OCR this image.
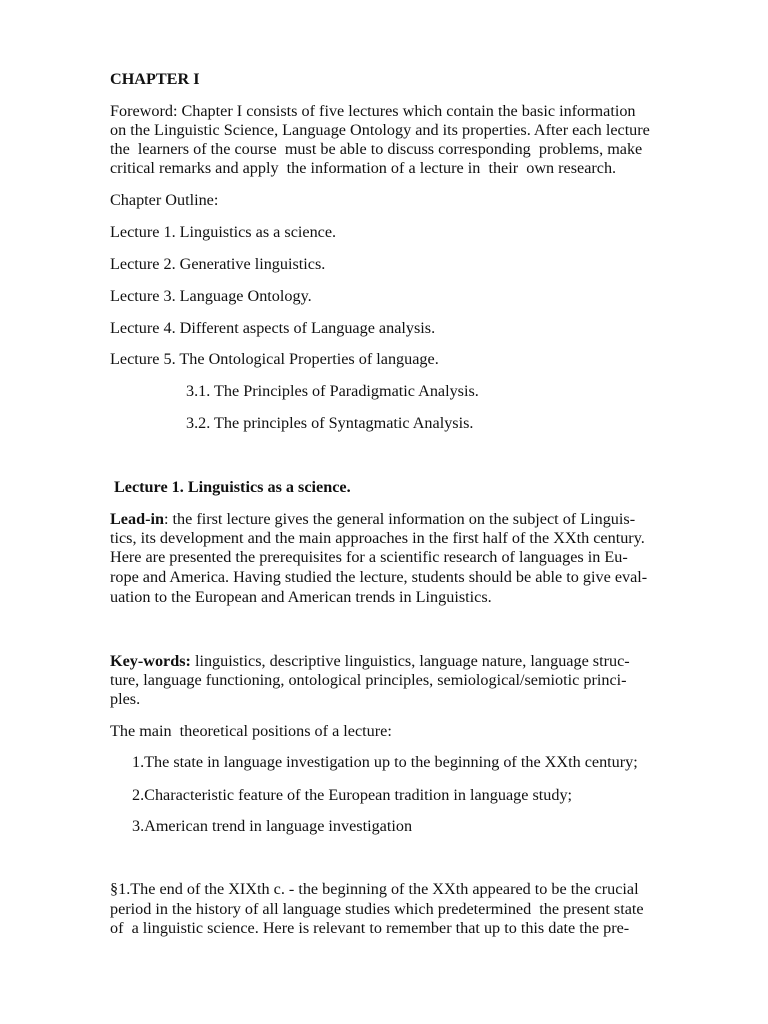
CHAPTER I
Foreword: Chapter I consists of five lectures which contain the basic information
on the Linguistic Science, Language Ontology and its properties. After each lecture
the  learners of the course  must be able to discuss corresponding  problems, make
critical remarks and apply  the information of a lecture in  their  own research.
Chapter Outline:
Lecture 1. Linguistics as a science.
Lecture 2. Generative linguistics.
Lecture 3. Language Ontology.
Lecture 4. Different aspects of Language analysis.
Lecture 5. The Ontological Properties of language.
3.1. The Principles of Paradigmatic Analysis.
3.2. The principles of Syntagmatic Analysis.
Lecture 1. Linguistics as a science.
Lead-in: the first lecture gives the general information on the subject of Linguis-
tics, its development and the main approaches in the first half of the XXth century.
Here are presented the prerequisites for a scientific research of languages in Eu-
rope and America. Having studied the lecture, students should be able to give eval-
uation to the European and American trends in Linguistics.
Key-words: linguistics, descriptive linguistics, language nature, language struc-
ture, language functioning, ontological principles, semiological/semiotic princi-
ples.
The main  theoretical positions of a lecture:
1.The state in language investigation up to the beginning of the XXth century;
2.Characteristic feature of the European tradition in language study;
3.American trend in language investigation
§1.The end of the XIXth c. - the beginning of the XXth appeared to be the crucial
period in the history of all language studies which predetermined  the present state
of  a linguistic science. Here is relevant to remember that up to this date the pre-
